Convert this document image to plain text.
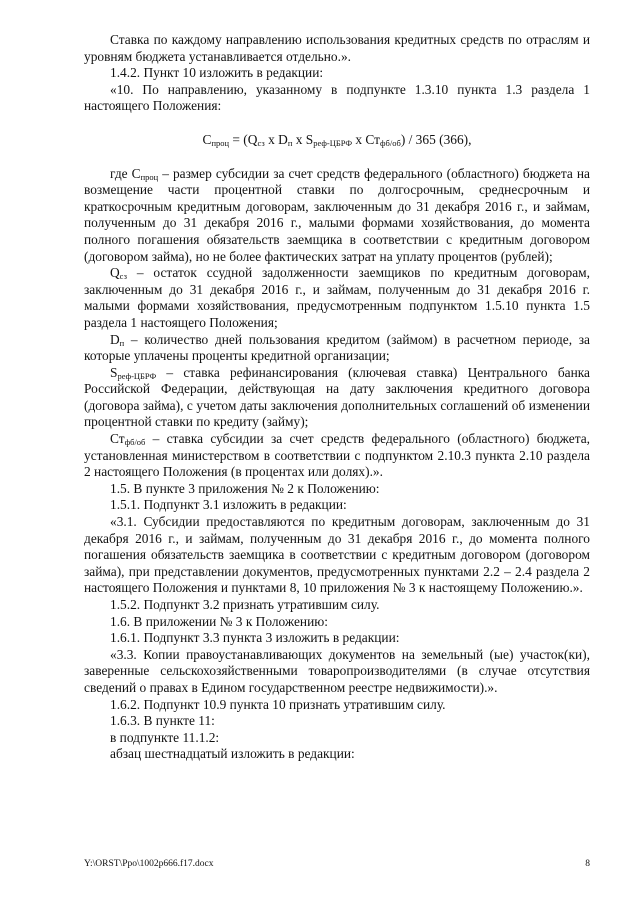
Ставка по каждому направлению использования кредитных средств по отраслям и уровням бюджета устанавливается отдельно.».

1.4.2. Пункт 10 изложить в редакции:

«10. По направлению, указанному в подпункте 1.3.10 пункта 1.3 раздела 1 настоящего Положения:

$С_{проц} = (Q_{сз}$ х $D_п$ х $S_{реф-ЦБРФ}$ х $Ст_{фб/об}) / 365$ (366),

где $С_{проц}$ – размер субсидии за счет средств федерального (областного) бюджета на возмещение части процентной ставки по долгосрочным, среднесрочным и краткосрочным кредитным договорам, заключенным до 31 декабря 2016 г., и займам, полученным до 31 декабря 2016 г., малыми формами хозяйствования, до момента полного погашения обязательств заемщика в соответствии с кредитным договором (договором займа), но не более фактических затрат на уплату процентов (рублей);

$Q_{сз}$ – остаток ссудной задолженности заемщиков по кредитным договорам, заключенным до 31 декабря 2016 г., и займам, полученным до 31 декабря 2016 г. малыми формами хозяйствования, предусмотренным подпунктом 1.5.10 пункта 1.5 раздела 1 настоящего Положения;

$D_п$ – количество дней пользования кредитом (займом) в расчетном периоде, за которые уплачены проценты кредитной организации;

$S_{реф-ЦБРФ}$ – ставка рефинансирования (ключевая ставка) Центрального банка Российской Федерации, действующая на дату заключения кредитного договора (договора займа), с учетом даты заключения дополнительных соглашений об изменении процентной ставки по кредиту (займу);

$Ст_{фб/об}$ – ставка субсидии за счет средств федерального (областного) бюджета, установленная министерством в соответствии с подпунктом 2.10.3 пункта 2.10 раздела 2 настоящего Положения (в процентах или долях).».

1.5. В пункте 3 приложения № 2 к Положению:

1.5.1. Подпункт 3.1 изложить в редакции:

«3.1. Субсидии предоставляются по кредитным договорам, заключенным до 31 декабря 2016 г., и займам, полученным до 31 декабря 2016 г., до момента полного погашения обязательств заемщика в соответствии с кредитным договором (договором займа), при представлении документов, предусмотренных пунктами 2.2 – 2.4 раздела 2 настоящего Положения и пунктами 8, 10 приложения № 3 к настоящему Положению.».

1.5.2. Подпункт 3.2 признать утратившим силу.

1.6. В приложении № 3 к Положению:

1.6.1. Подпункт 3.3 пункта 3 изложить в редакции:

«3.3. Копии правоустанавливающих документов на земельный (ые) участок(ки), заверенные сельскохозяйственными товаропроизводителями (в случае отсутствия сведений о правах в Едином государственном реестре недвижимости).».

1.6.2. Подпункт 10.9 пункта 10 признать утратившим силу.

1.6.3. В пункте 11:

в подпункте 11.1.2:

абзац шестнадцатый изложить в редакции:

Y:\ORST\Ppo\1002p666.f17.docx	8
